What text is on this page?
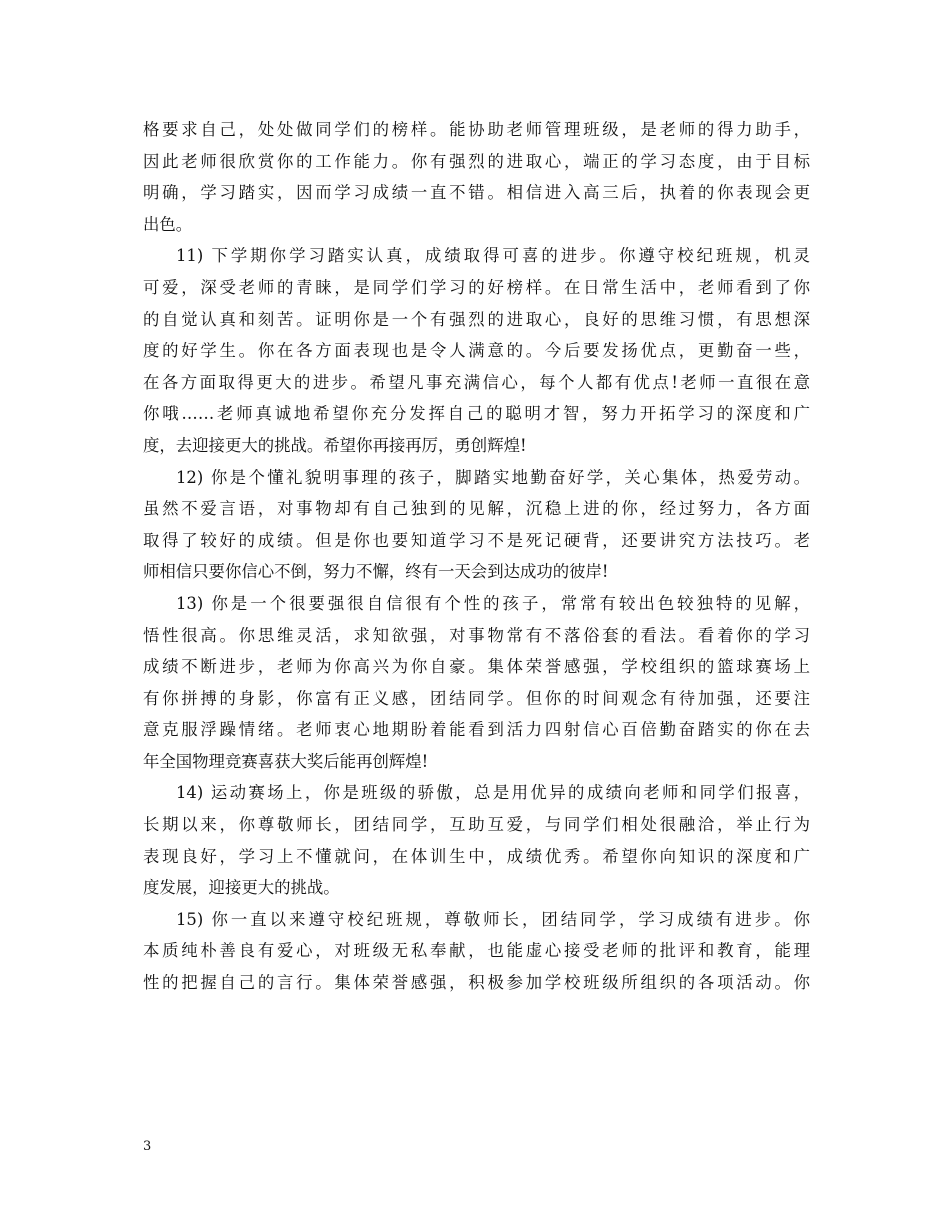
格要求自己，处处做同学们的榜样。能协助老师管理班级，是老师的得力助手，
因此老师很欣赏你的工作能力。你有强烈的进取心，端正的学习态度，由于目标
明确，学习踏实，因而学习成绩一直不错。相信进入高三后，执着的你表现会更
出色。
11) 下学期你学习踏实认真，成绩取得可喜的进步。你遵守校纪班规，机灵
可爱，深受老师的青睐，是同学们学习的好榜样。在日常生活中，老师看到了你
的自觉认真和刻苦。证明你是一个有强烈的进取心，良好的思维习惯，有思想深
度的好学生。你在各方面表现也是令人满意的。今后要发扬优点，更勤奋一些，
在各方面取得更大的进步。希望凡事充满信心，每个人都有优点!老师一直很在意
你哦……老师真诚地希望你充分发挥自己的聪明才智，努力开拓学习的深度和广
度，去迎接更大的挑战。希望你再接再厉，勇创辉煌!
12) 你是个懂礼貌明事理的孩子，脚踏实地勤奋好学，关心集体，热爱劳动。
虽然不爱言语，对事物却有自己独到的见解，沉稳上进的你，经过努力，各方面
取得了较好的成绩。但是你也要知道学习不是死记硬背，还要讲究方法技巧。老
师相信只要你信心不倒，努力不懈，终有一天会到达成功的彼岸!
13) 你是一个很要强很自信很有个性的孩子，常常有较出色较独特的见解，
悟性很高。你思维灵活，求知欲强，对事物常有不落俗套的看法。看着你的学习
成绩不断进步，老师为你高兴为你自豪。集体荣誉感强，学校组织的篮球赛场上
有你拼搏的身影，你富有正义感，团结同学。但你的时间观念有待加强，还要注
意克服浮躁情绪。老师衷心地期盼着能看到活力四射信心百倍勤奋踏实的你在去
年全国物理竞赛喜获大奖后能再创辉煌!
14) 运动赛场上，你是班级的骄傲，总是用优异的成绩向老师和同学们报喜，
长期以来，你尊敬师长，团结同学，互助互爱，与同学们相处很融洽，举止行为
表现良好，学习上不懂就问，在体训生中，成绩优秀。希望你向知识的深度和广
度发展，迎接更大的挑战。
15) 你一直以来遵守校纪班规，尊敬师长，团结同学，学习成绩有进步。你
本质纯朴善良有爱心，对班级无私奉献，也能虚心接受老师的批评和教育，能理
性的把握自己的言行。集体荣誉感强，积极参加学校班级所组织的各项活动。你
3
